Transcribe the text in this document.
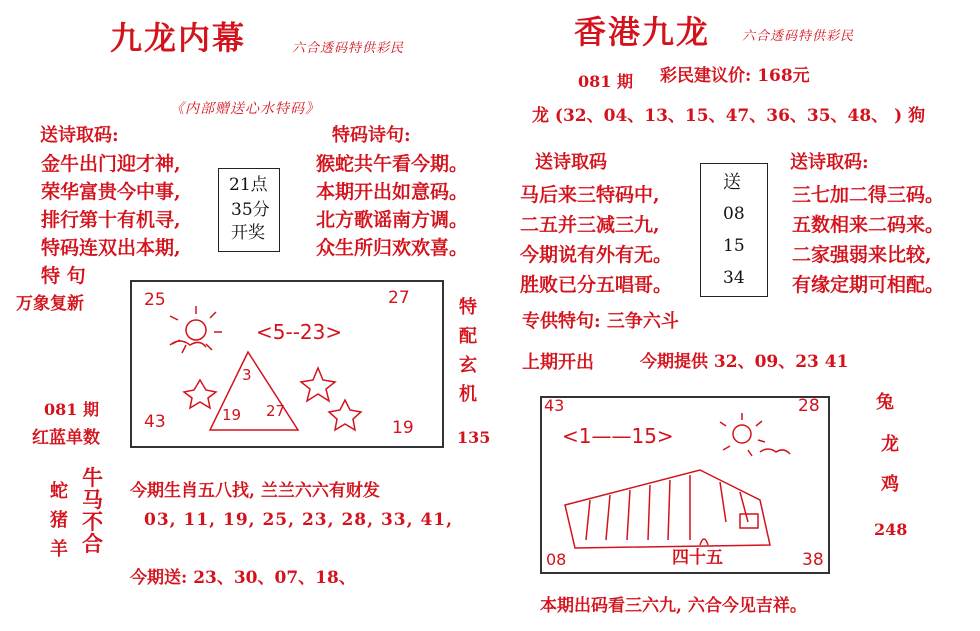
九龙内幕	六合透码特供彩民
《内部赠送心水特码》
送诗取码:
金牛出门迎才神,
荣华富贵今中事,
排行第十有机寻,
特码连双出本期,
特 句
万象复新
21点
35分
开奖
特码诗句:
猴蛇共午看今期。
本期开出如意码。
北方歌谣南方调。
众生所归欢欢喜。
25	27
43	19
<5--23>
3
19 27
081 期
红蓝单数
特
配
玄
机
135
蛇
猪
羊
牛
马
不
合
今期生肖五八找, 兰兰六六有财发
03, 11, 19, 25, 23, 28, 33, 41,
今期送: 23、30、07、18、
香港九龙 六合透码特供彩民
081 期 彩民建议价: 168元
龙 (32、04、13、15、47、36、35、48、 ) 狗
送诗取码
马后来三特码中,
二五并三减三九,
今期说有外有无。
胜败已分五唱哥。
送
08
15
34
送诗取码:
三七加二得三码。
五数相来二码来。
二家强弱来比较,
有缘定期可相配。
专供特句: 三争六斗
上期开出	今期提供 32、09、23 41
43	28
08	38
<1——15>
四十五
兔
龙
鸡
248
本期出码看三六九, 六合今见吉祥。
